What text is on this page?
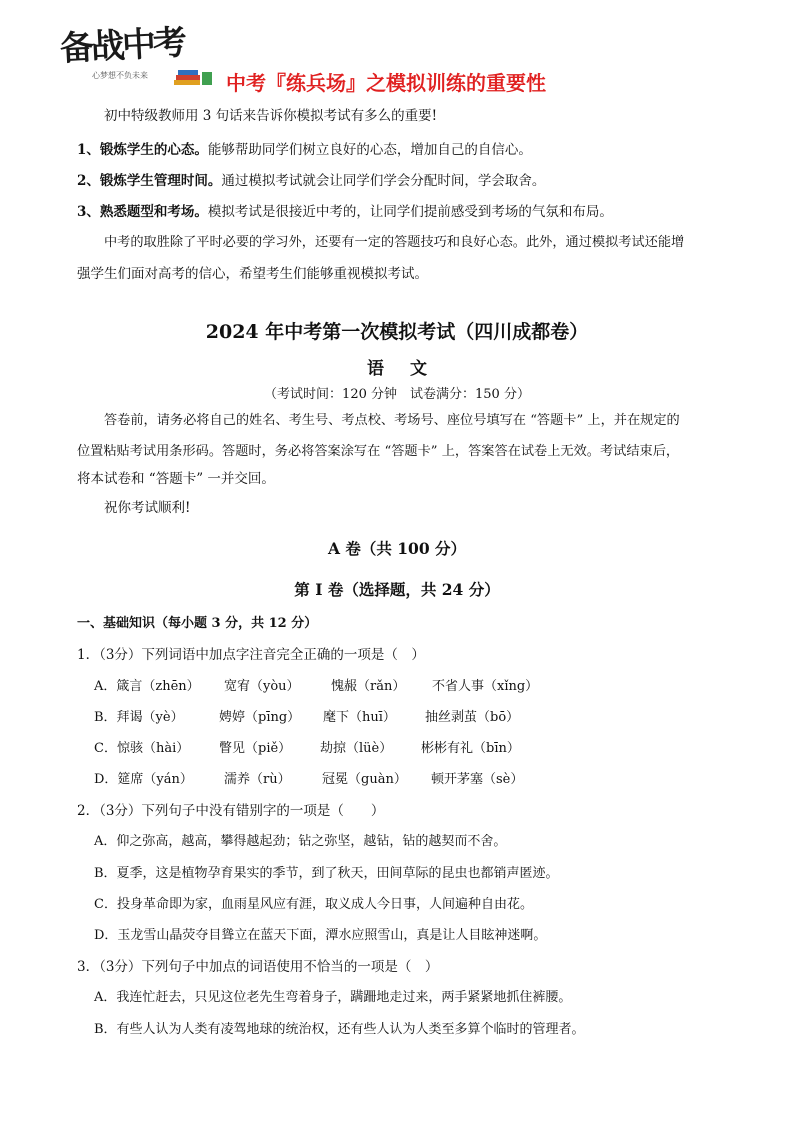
备战中考
心梦想不负未来	中考『练兵场』之模拟训练的重要性
初中特级教师用 3 句话来告诉你模拟考试有多么的重要!
1、锻炼学生的心态。能够帮助同学们树立良好的心态，增加自己的自信心。
2、锻炼学生管理时间。通过模拟考试就会让同学们学会分配时间，学会取舍。
3、熟悉题型和考场。模拟考试是很接近中考的，让同学们提前感受到考场的气氛和布局。
中考的取胜除了平时必要的学习外，还要有一定的答题技巧和良好心态。此外，通过模拟考试还能增
强学生们面对高考的信心，希望考生们能够重视模拟考试。
2024 年中考第一次模拟考试（四川成都卷）
语文
（考试时间：120 分钟　试卷满分：150 分）
答卷前，请务必将自己的姓名、考生号、考点校、考场号、座位号填写在 “答题卡” 上，并在规定的
位置粘贴考试用条形码。答题时，务必将答案涂写在 “答题卡” 上，答案答在试卷上无效。考试结束后，
将本试卷和 “答题卡” 一并交回。
祝你考试顺利!
A 卷（共 100 分）
第 I 卷（选择题，共 24 分）
一、基础知识（每小题 3 分，共 12 分）
1．（3分）下列词语中加点字注音完全正确的一项是（　）
A．箴言（zhēn） 宽宥（yòu） 愧赧（rǎn） 不省人事（xǐng）
B．拜谒（yè）	娉婷（pīng） 麾下（huī） 抽丝剥茧（bō）
C．惊骇（hài） 瞥见（piě） 劫掠（lüè） 彬彬有礼（bīn）
D．筵席（yán） 濡养（rù） 冠冕（guàn） 顿开茅塞（sè）
2．（3分）下列句子中没有错别字的一项是（　　）
A．仰之弥高，越高，攀得越起劲；钻之弥坚，越钻，钻的越契而不舍。
B．夏季，这是植物孕育果实的季节，到了秋天，田间草际的昆虫也都销声匿迹。
C．投身革命即为家，血雨星风应有涯，取义成人今日事，人间遍种自由花。
D．玉龙雪山晶荧夺目聳立在蓝天下面，潭水应照雪山，真是让人目眩神迷啊。
3．（3分）下列句子中加点的词语使用不恰当的一项是（　）
A．我连忙赶去，只见这位老先生弯着身子，蹒跚地走过来，两手紧紧地抓住裤腰。
B．有些人认为人类有凌驾地球的统治权，还有些人认为人类至多算个临时的管理者。
